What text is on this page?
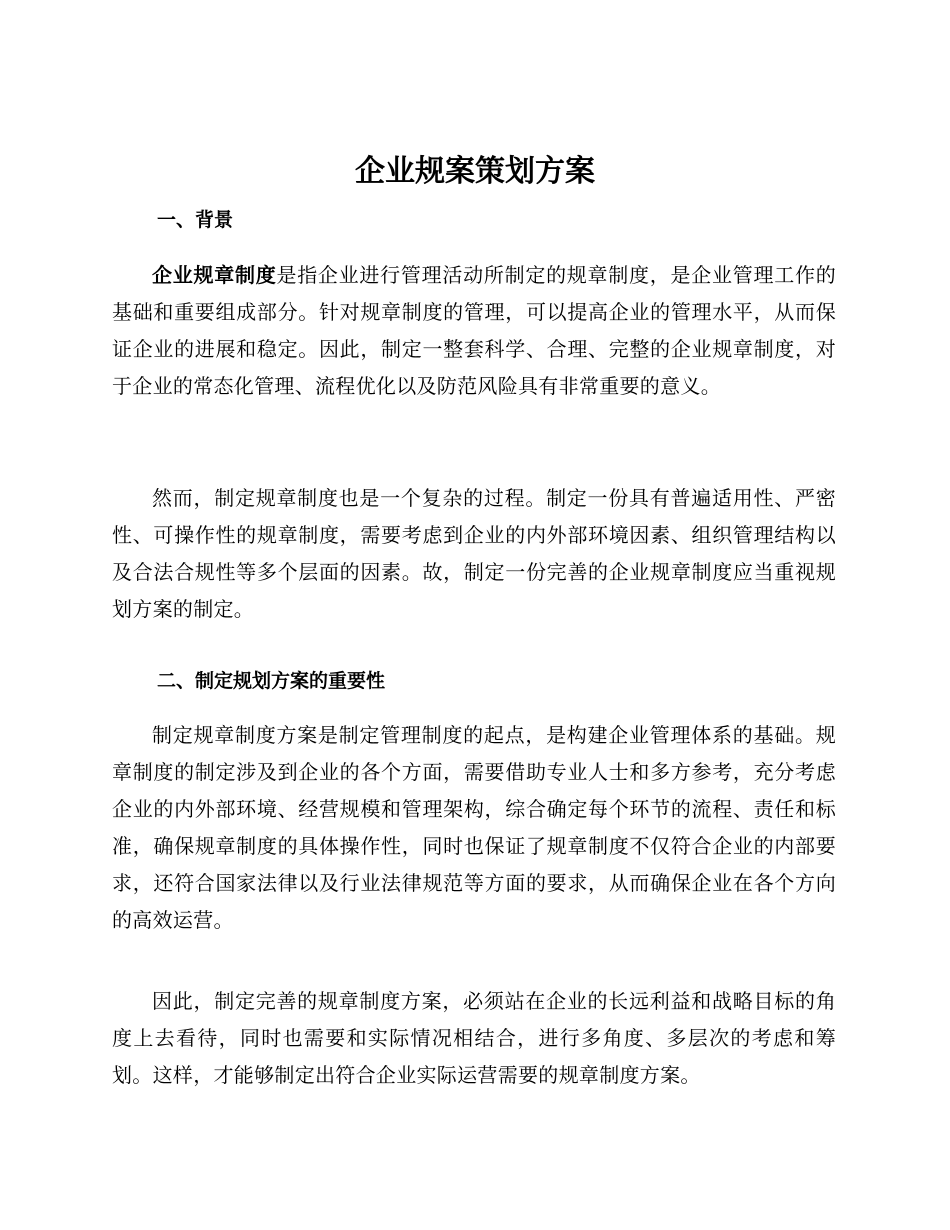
企业规案策划方案
一、背景

企业规章制度是指企业进行管理活动所制定的规章制度，是企业管理工作的基础和重要组成部分。针对规章制度的管理，可以提高企业的管理水平，从而保证企业的进展和稳定。因此，制定一整套科学、合理、完整的企业规章制度，对于企业的常态化管理、流程优化以及防范风险具有非常重要的意义。

然而，制定规章制度也是一个复杂的过程。制定一份具有普遍适用性、严密性、可操作性的规章制度，需要考虑到企业的内外部环境因素、组织管理结构以及合法合规性等多个层面的因素。故，制定一份完善的企业规章制度应当重视规划方案的制定。

二、制定规划方案的重要性

制定规章制度方案是制定管理制度的起点，是构建企业管理体系的基础。规章制度的制定涉及到企业的各个方面，需要借助专业人士和多方参考，充分考虑企业的内外部环境、经营规模和管理架构，综合确定每个环节的流程、责任和标准，确保规章制度的具体操作性，同时也保证了规章制度不仅符合企业的内部要求，还符合国家法律以及行业法律规范等方面的要求，从而确保企业在各个方向的高效运营。

因此，制定完善的规章制度方案，必须站在企业的长远利益和战略目标的角度上去看待，同时也需要和实际情况相结合，进行多角度、多层次的考虑和筹划。这样，才能够制定出符合企业实际运营需要的规章制度方案。
